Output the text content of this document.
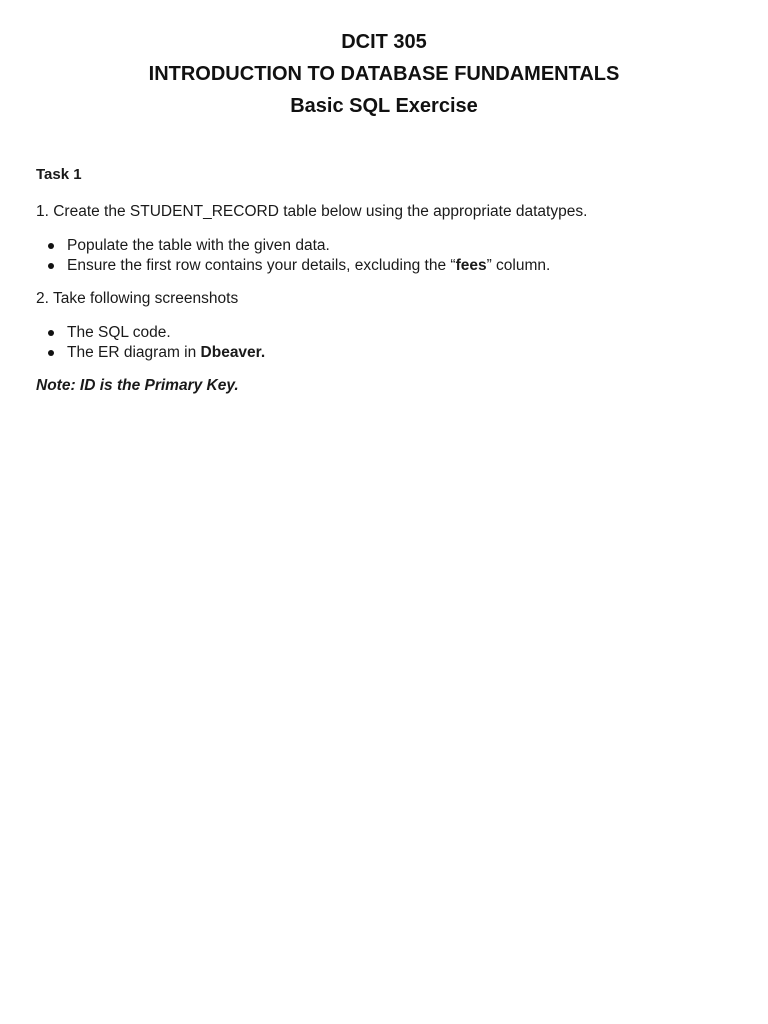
DCIT 305
INTRODUCTION TO DATABASE FUNDAMENTALS
Basic SQL Exercise
Task 1

1. Create the STUDENT_RECORD table below using the appropriate datatypes.

Populate the table with the given data.
Ensure the first row contains your details, excluding the “fees” column.

2. Take following screenshots

The SQL code.
The ER diagram in Dbeaver.
Note: ID is the Primary Key.
